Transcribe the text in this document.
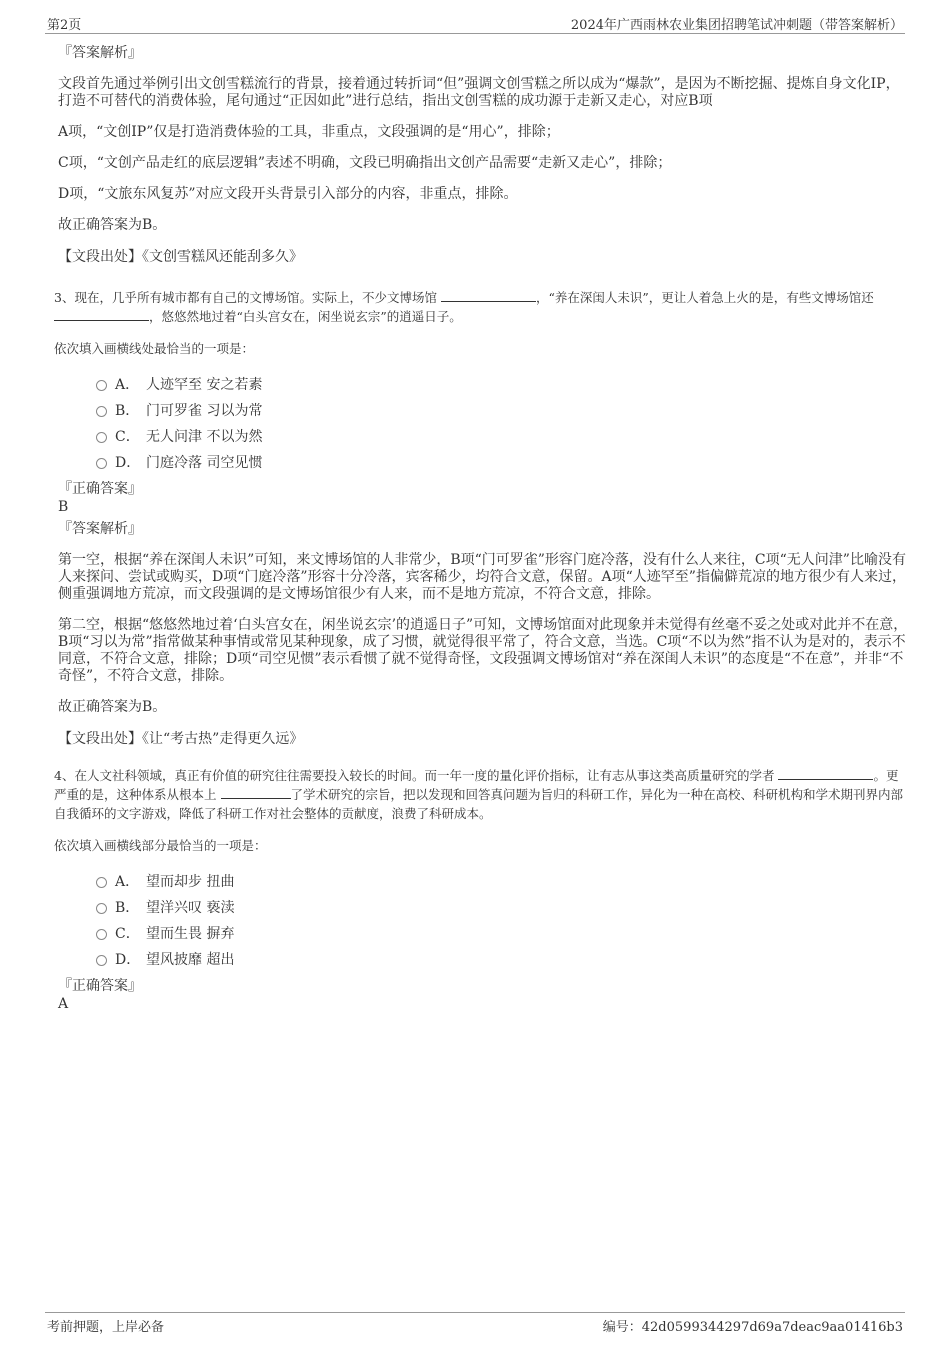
第2页	2024年广西雨林农业集团招聘笔试冲刺题（带答案解析）
『答案解析』
文段首先通过举例引出文创雪糕流行的背景，接着通过转折词“但”强调文创雪糕之所以成为“爆款”，是因为不断挖掘、提炼自身文化IP，打造不可替代的消费体验，尾句通过“正因如此”进行总结，指出文创雪糕的成功源于走新又走心，对应B项
A项，“文创IP”仅是打造消费体验的工具，非重点，文段强调的是“用心”，排除；
C项，“文创产品走红的底层逻辑”表述不明确，文段已明确指出文创产品需要“走新又走心”，排除；
D项，“文旅东风复苏”对应文段开头背景引入部分的内容，非重点，排除。
故正确答案为B。
【文段出处】《文创雪糕风还能刮多久》
3、现在，几乎所有城市都有自己的文博场馆。实际上，不少文博场馆	，“养在深闺人未识”，更让人着急上火的是，有些文博场馆还 ，悠悠然地过着“白头宫女在，闲坐说玄宗”的逍遥日子。
依次填入画横线处最恰当的一项是：
A． 人迹罕至 安之若素
B． 门可罗雀 习以为常
C． 无人问津 不以为然
D． 门庭冷落 司空见惯
『正确答案』
B
『答案解析』
第一空，根据“养在深闺人未识”可知，来文博场馆的人非常少，B项“门可罗雀”形容门庭冷落，没有什么人来往，C项“无人问津”比喻没有人来探问、尝试或购买，D项“门庭冷落”形容十分冷落，宾客稀少，均符合文意，保留。A项“人迹罕至”指偏僻荒凉的地方很少有人来过，侧重强调地方荒凉，而文段强调的是文博场馆很少有人来，而不是地方荒凉，不符合文意，排除。
第二空，根据“悠悠然地过着‘白头宫女在，闲坐说玄宗’的逍遥日子”可知，文博场馆面对此现象并未觉得有丝毫不妥之处或对此并不在意，B项“习以为常”指常做某种事情或常见某种现象，成了习惯，就觉得很平常了，符合文意，当选。C项“不以为然”指不认为是对的，表示不同意，不符合文意，排除；D项“司空见惯”表示看惯了就不觉得奇怪，文段强调文博场馆对“养在深闺人未识”的态度是“不在意”，并非“不奇怪”，不符合文意，排除。
故正确答案为B。
【文段出处】《让“考古热”走得更久远》
4、在人文社科领域，真正有价值的研究往往需要投入较长的时间。而一年一度的量化评价指标，让有志从事这类高质量研究的学者	。更严重的是，这种体系从根本上	了学术研究的宗旨，把以发现和回答真问题为旨归的科研工作，异化为一种在高校、科研机构和学术期刊界内部自我循环的文字游戏，降低了科研工作对社会整体的贡献度，浪费了科研成本。
依次填入画横线部分最恰当的一项是：
A． 望而却步 扭曲
B． 望洋兴叹 亵渎
C． 望而生畏 摒弃
D． 望风披靡 超出
『正确答案』
A
考前押题，上岸必备	编号：42d0599344297d69a7deac9aa01416b3
